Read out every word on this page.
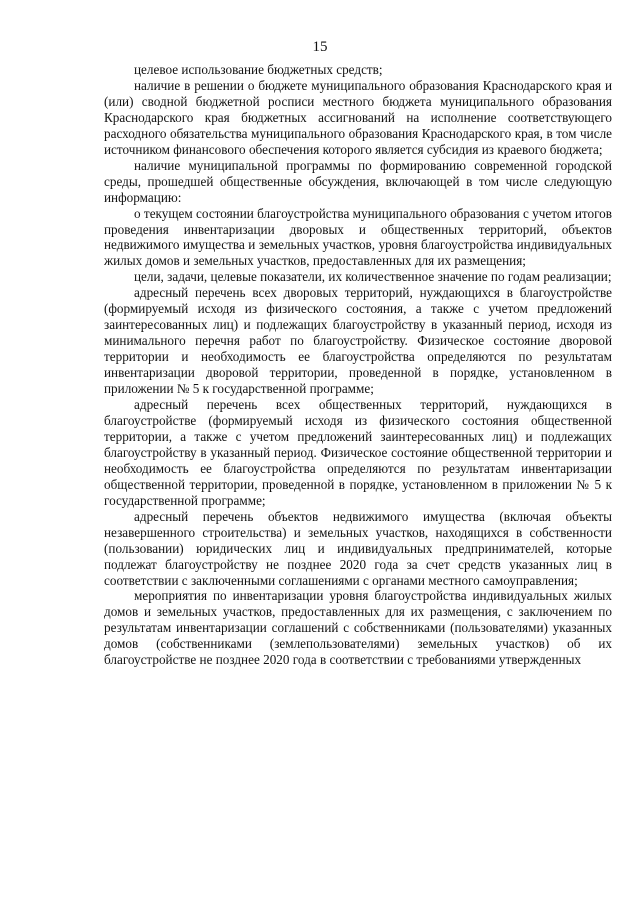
15

целевое использование бюджетных средств;

наличие в решении о бюджете муниципального образования Краснодарского края и (или) сводной бюджетной росписи местного бюджета муниципального образования Краснодарского края бюджетных ассигнований на исполнение соответствующего расходного обязательства муниципального образования Краснодарского края, в том числе источником финансового обеспечения которого является субсидия из краевого бюджета;

наличие муниципальной программы по формированию современной городской среды, прошедшей общественные обсуждения, включающей в том числе следующую информацию:

о текущем состоянии благоустройства муниципального образования с учетом итогов проведения инвентаризации дворовых и общественных территорий, объектов недвижимого имущества и земельных участков, уровня благоустройства индивидуальных жилых домов и земельных участков, предоставленных для их размещения;

цели, задачи, целевые показатели, их количественное значение по годам реализации;

адресный перечень всех дворовых территорий, нуждающихся в благоустройстве (формируемый исходя из физического состояния, а также с учетом предложений заинтересованных лиц) и подлежащих благоустройству в указанный период, исходя из минимального перечня работ по благоустройству. Физическое состояние дворовой территории и необходимость ее благоустройства определяются по результатам инвентаризации дворовой территории, проведенной в порядке, установленном в приложении № 5 к государственной программе;

адресный перечень всех общественных территорий, нуждающихся в благоустройстве (формируемый исходя из физического состояния общественной территории, а также с учетом предложений заинтересованных лиц) и подлежащих благоустройству в указанный период. Физическое состояние общественной территории и необходимость ее благоустройства определяются по результатам инвентаризации общественной территории, проведенной в порядке, установленном в приложении № 5 к государственной программе;

адресный перечень объектов недвижимого имущества (включая объекты незавершенного строительства) и земельных участков, находящихся в собственности (пользовании) юридических лиц и индивидуальных предпринимателей, которые подлежат благоустройству не позднее 2020 года за счет средств указанных лиц в соответствии с заключенными соглашениями с органами местного самоуправления;

мероприятия по инвентаризации уровня благоустройства индивидуальных жилых домов и земельных участков, предоставленных для их размещения, с заключением по результатам инвентаризации соглашений с собственниками (пользователями) указанных домов (собственниками (землепользователями) земельных участков) об их благоустройстве не позднее 2020 года в соответствии с требованиями утвержденных
